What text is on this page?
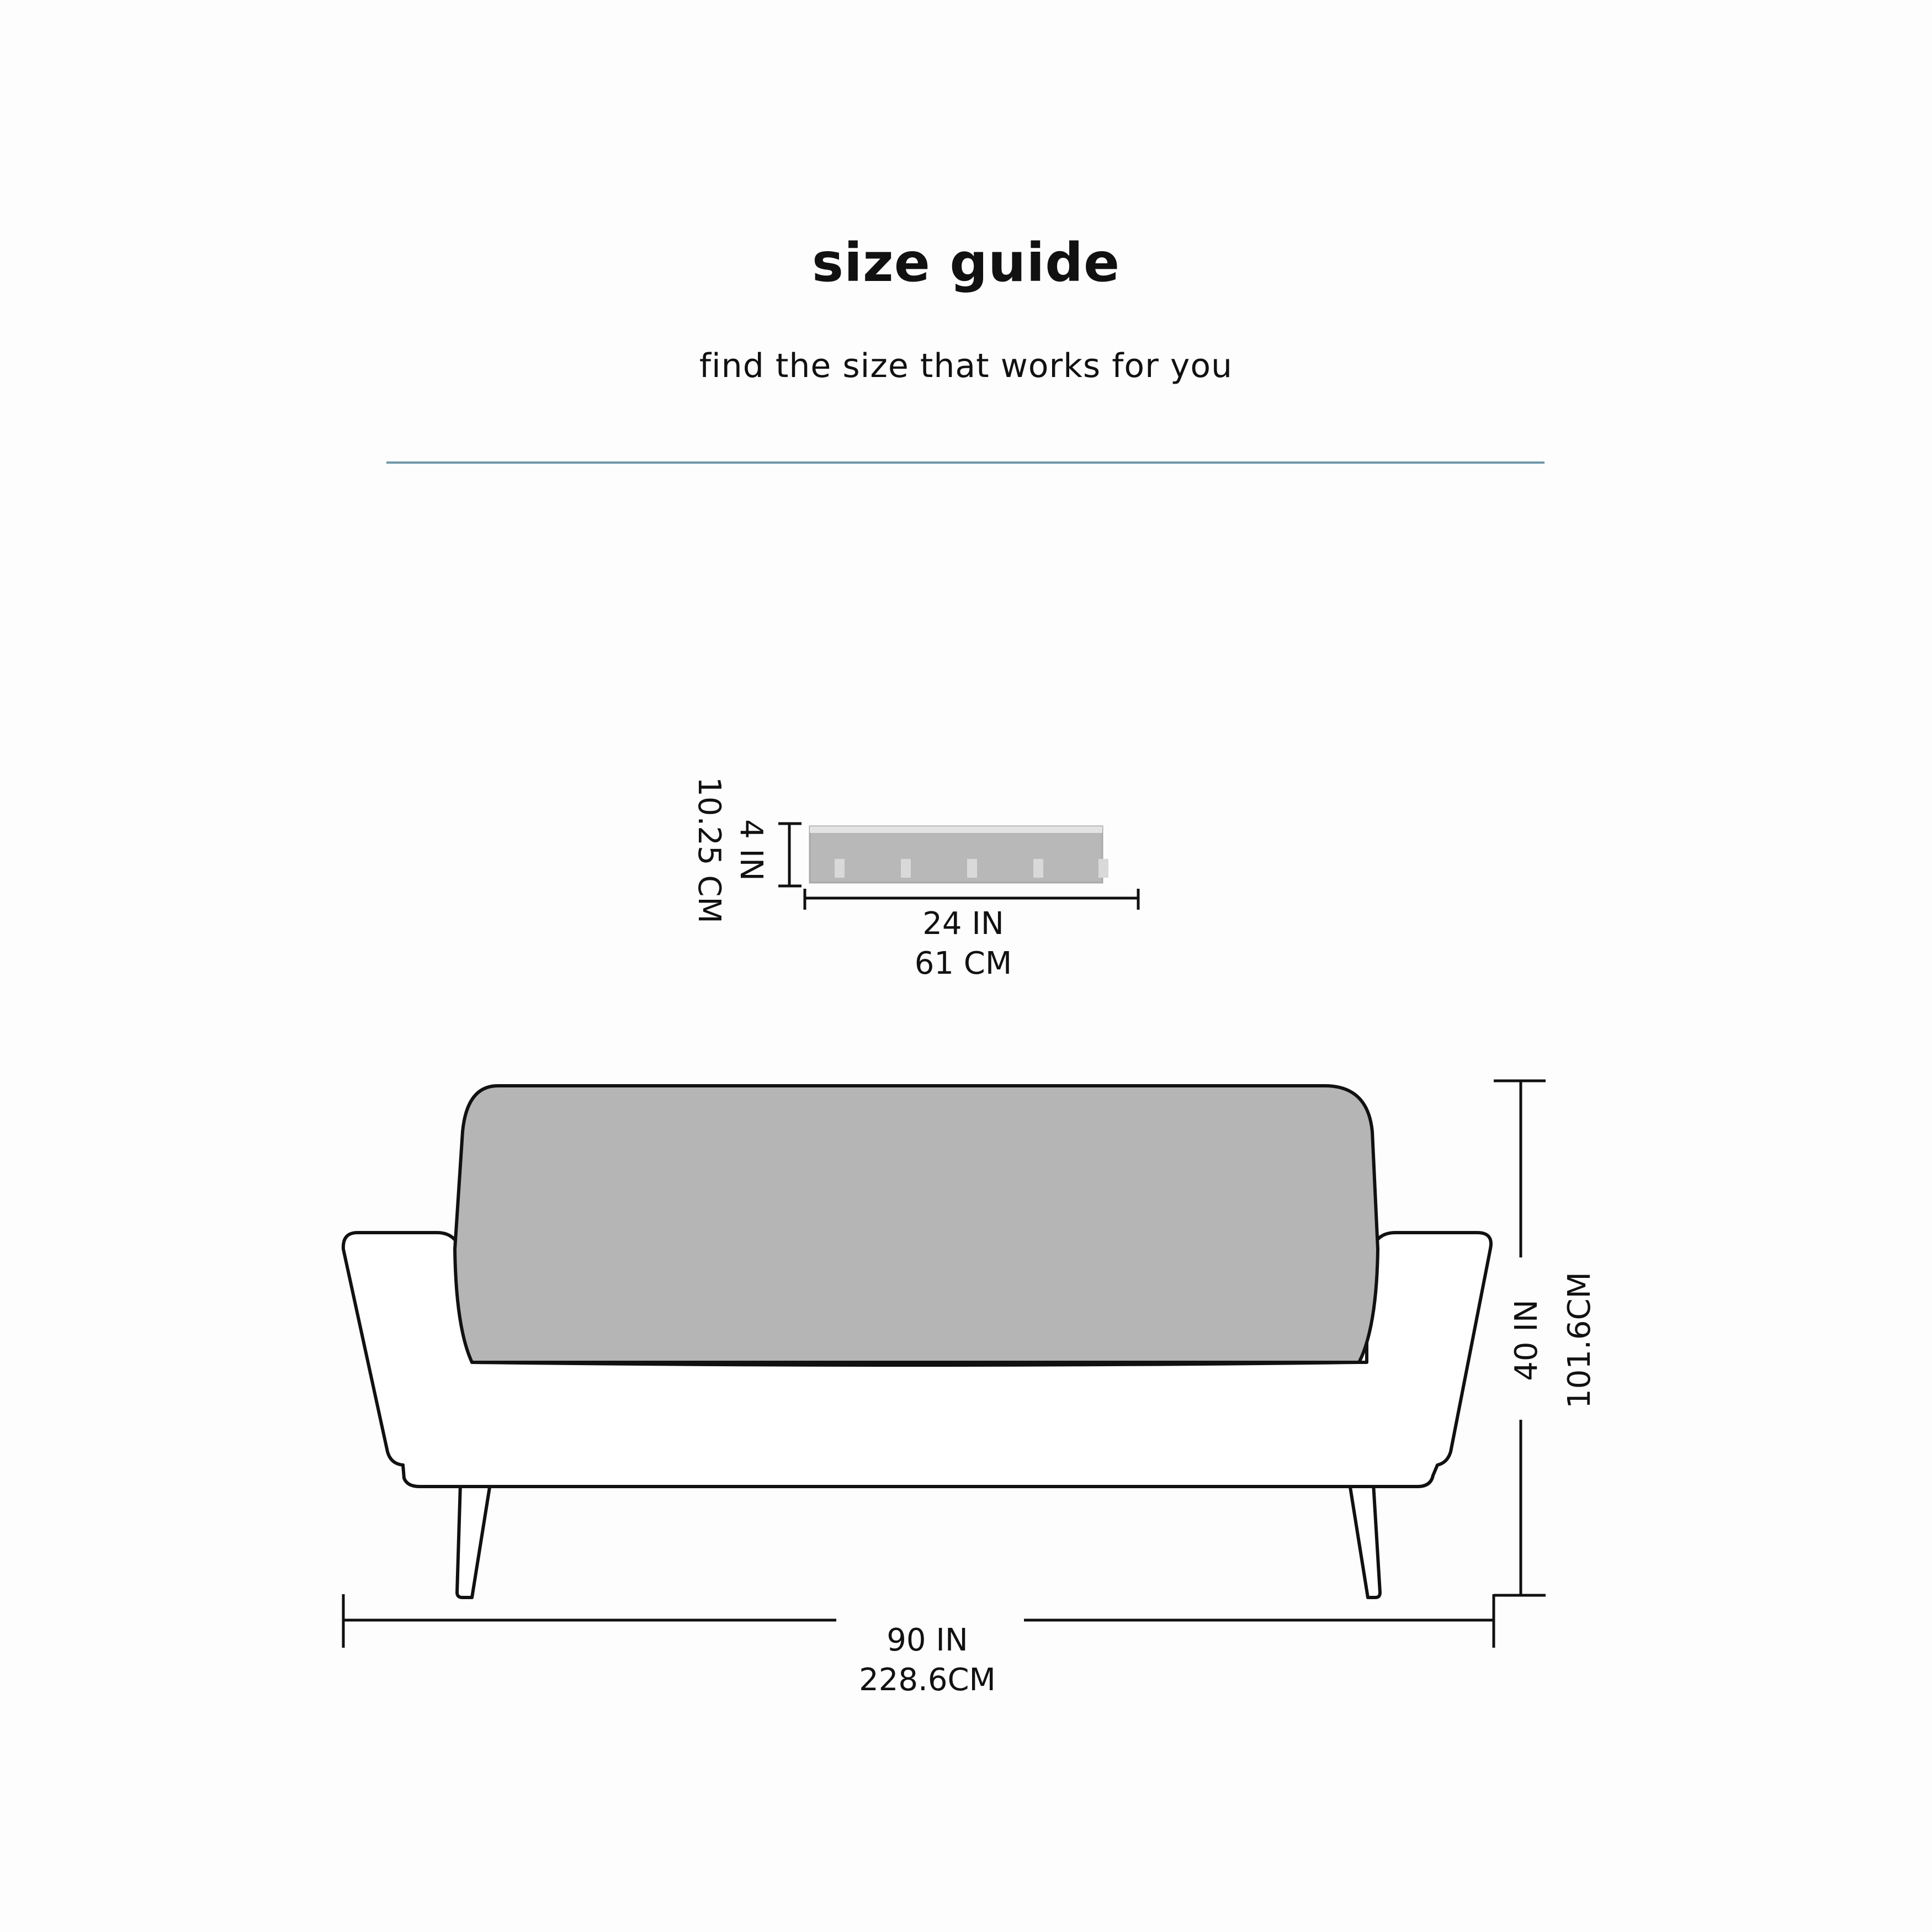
size guide
find the size that works for you
4 IN
10.25 CM
24 IN
61 CM
40 IN 101.6CM
90 IN
228.6CM
